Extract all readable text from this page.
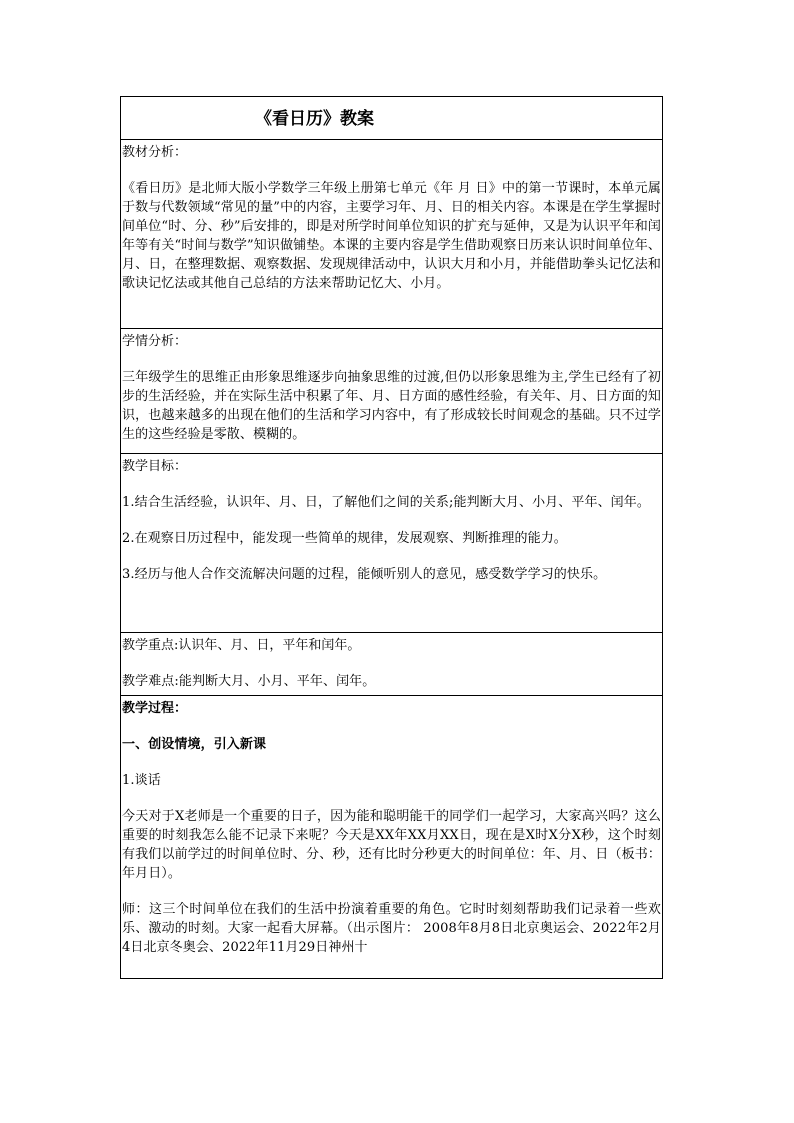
《看日历》教案

教材分析：
《看日历》是北师大版小学数学三年级上册第七单元《年 月 日》中的第一节课时，本单元属于数与代数领域“常见的量”中的内容，主要学习年、月、日的相关内容。本课是在学生掌握时间单位“时、分、秒”后安排的，即是对所学时间单位知识的扩充与延伸，又是为认识平年和闰年等有关“时间与数学”知识做铺垫。本课的主要内容是学生借助观察日历来认识时间单位年、月、日，在整理数据、观察数据、发现规律活动中，认识大月和小月，并能借助拳头记忆法和歌诀记忆法或其他自己总结的方法来帮助记忆大、小月。

学情分析：
三年级学生的思维正由形象思维逐步向抽象思维的过渡,但仍以形象思维为主,学生已经有了初步的生活经验，并在实际生活中积累了年、月、日方面的感性经验，有关年、月、日方面的知识，也越来越多的出现在他们的生活和学习内容中，有了形成较长时间观念的基础。只不过学生的这些经验是零散、模糊的。

教学目标：
1.结合生活经验，认识年、月、日，了解他们之间的关系;能判断大月、小月、平年、闰年。
2.在观察日历过程中，能发现一些简单的规律，发展观察、判断推理的能力。
3.经历与他人合作交流解决问题的过程，能倾听别人的意见，感受数学学习的快乐。

教学重点:认识年、月、日，平年和闰年。
教学难点:能判断大月、小月、平年、闰年。

教学过程：
一、创设情境，引入新课
1.谈话
今天对于X老师是一个重要的日子，因为能和聪明能干的同学们一起学习，大家高兴吗？这么重要的时刻我怎么能不记录下来呢？今天是XX年XX月XX日，现在是X时X分X秒，这个时刻有我们以前学过的时间单位时、分、秒，还有比时分秒更大的时间单位：年、月、日（板书：年月日）。
师：这三个时间单位在我们的生活中扮演着重要的角色。它时时刻刻帮助我们记录着一些欢乐、激动的时刻。大家一起看大屏幕。（出示图片： 2008年8月8日北京奥运会、2022年2月4日北京冬奥会、2022年11月29日神州十
